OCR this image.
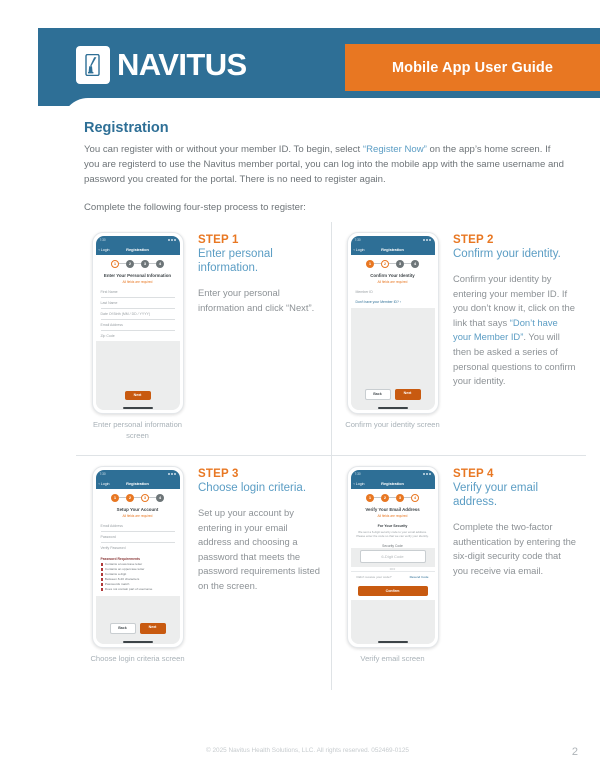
NAVITUS	Mobile App User Guide
Registration

You can register with or without your member ID. To begin, select “Register Now” on the app’s home screen. If you are registerd to use the Navitus member portal, you can log into the mobile app with the same username and password you created for the portal. There is no need to register again.

Complete the following four-step process to register:

7:30
‹ Login	Registration
1	2	3	4
Enter Your Personal Information
All fields are required
First Name
Last Name
Date Of Birth (MM / DD / YYYY)
Email Address
Zip Code
Next
Enter personal information screen
STEP 1
Enter personal information.
Enter your personal information and click “Next”.
7:30
‹ Login	Registration
1	2	3	4
Confirm Your Identity
All fields are required
Member ID
Don’t have your Member ID? ›
Back	Next
Confirm your identity screen
STEP 2
Confirm your identity.
Confirm your identity by entering your member ID. If you don’t know it, click on the link that says “Don’t have your Member ID”. You will then be asked a series of personal questions to confirm your identity.
7:30
‹ Login	Registration
1	2	3	4
Setup Your Account
All fields are required
Email Address
Password
Verify Password
Password Requirements
Contains a lowercase letter
Contains an uppercase letter
Contains a digit
Between 8-20 characters
Passwords match
Does not contain part of username
Back	Next
Choose login criteria screen
STEP 3
Choose login criteria.
Set up your account by entering in your email address and choosing a password that meets the password requirements listed on the screen.
7:30
‹ Login	Registration
1	2	3	4
Verify Your Email Address
All fields are required
For Your Security
We sent a 6-digit security code to your email address. Please enter the code so that we can verify your identity.
Security Code
6-Digit Code
00:0
Didn’t receive your code?	Resend Code
Confirm
Verify email screen
STEP 4
Verify your email address.
Complete the two-factor authentication by entering the six-digit security code that you receive via email.
© 2025 Navitus Health Solutions, LLC. All rights reserved. 052469-0125	2
